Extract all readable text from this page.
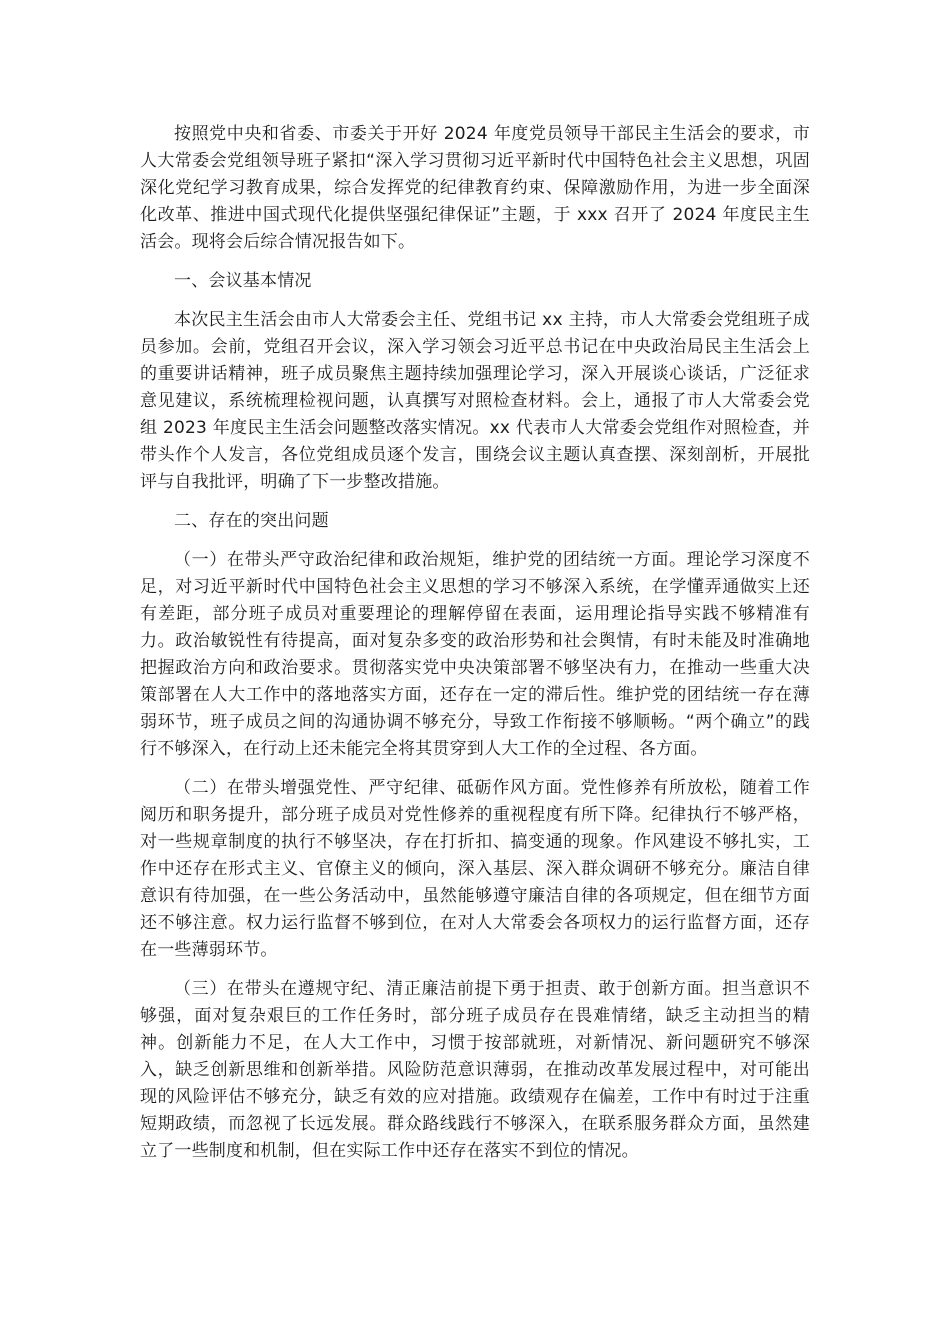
按照党中央和省委、市委关于开好 2024 年度党员领导干部民主生活会的要求，市人大常委会党组领导班子紧扣“深入学习贯彻习近平新时代中国特色社会主义思想，巩固深化党纪学习教育成果，综合发挥党的纪律教育约束、保障激励作用，为进一步全面深化改革、推进中国式现代化提供坚强纪律保证”主题，于 xxx 召开了 2024 年度民主生活会。现将会后综合情况报告如下。

一、会议基本情况

本次民主生活会由市人大常委会主任、党组书记 xx 主持，市人大常委会党组班子成员参加。会前，党组召开会议，深入学习领会习近平总书记在中央政治局民主生活会上的重要讲话精神，班子成员聚焦主题持续加强理论学习，深入开展谈心谈话，广泛征求意见建议，系统梳理检视问题，认真撰写对照检查材料。会上，通报了市人大常委会党组 2023 年度民主生活会问题整改落实情况。xx 代表市人大常委会党组作对照检查，并带头作个人发言，各位党组成员逐个发言，围绕会议主题认真查摆、深刻剖析，开展批评与自我批评，明确了下一步整改措施。

二、存在的突出问题

（一）在带头严守政治纪律和政治规矩，维护党的团结统一方面。理论学习深度不足，对习近平新时代中国特色社会主义思想的学习不够深入系统，在学懂弄通做实上还有差距，部分班子成员对重要理论的理解停留在表面，运用理论指导实践不够精准有力。政治敏锐性有待提高，面对复杂多变的政治形势和社会舆情，有时未能及时准确地把握政治方向和政治要求。贯彻落实党中央决策部署不够坚决有力，在推动一些重大决策部署在人大工作中的落地落实方面，还存在一定的滞后性。维护党的团结统一存在薄弱环节，班子成员之间的沟通协调不够充分，导致工作衔接不够顺畅。“两个确立”的践行不够深入，在行动上还未能完全将其贯穿到人大工作的全过程、各方面。

（二）在带头增强党性、严守纪律、砥砺作风方面。党性修养有所放松，随着工作阅历和职务提升，部分班子成员对党性修养的重视程度有所下降。纪律执行不够严格，对一些规章制度的执行不够坚决，存在打折扣、搞变通的现象。作风建设不够扎实，工作中还存在形式主义、官僚主义的倾向，深入基层、深入群众调研不够充分。廉洁自律意识有待加强，在一些公务活动中，虽然能够遵守廉洁自律的各项规定，但在细节方面还不够注意。权力运行监督不够到位，在对人大常委会各项权力的运行监督方面，还存在一些薄弱环节。

（三）在带头在遵规守纪、清正廉洁前提下勇于担责、敢于创新方面。担当意识不够强，面对复杂艰巨的工作任务时，部分班子成员存在畏难情绪，缺乏主动担当的精神。创新能力不足，在人大工作中，习惯于按部就班，对新情况、新问题研究不够深入，缺乏创新思维和创新举措。风险防范意识薄弱，在推动改革发展过程中，对可能出现的风险评估不够充分，缺乏有效的应对措施。政绩观存在偏差，工作中有时过于注重短期政绩，而忽视了长远发展。群众路线践行不够深入，在联系服务群众方面，虽然建立了一些制度和机制，但在实际工作中还存在落实不到位的情况。
